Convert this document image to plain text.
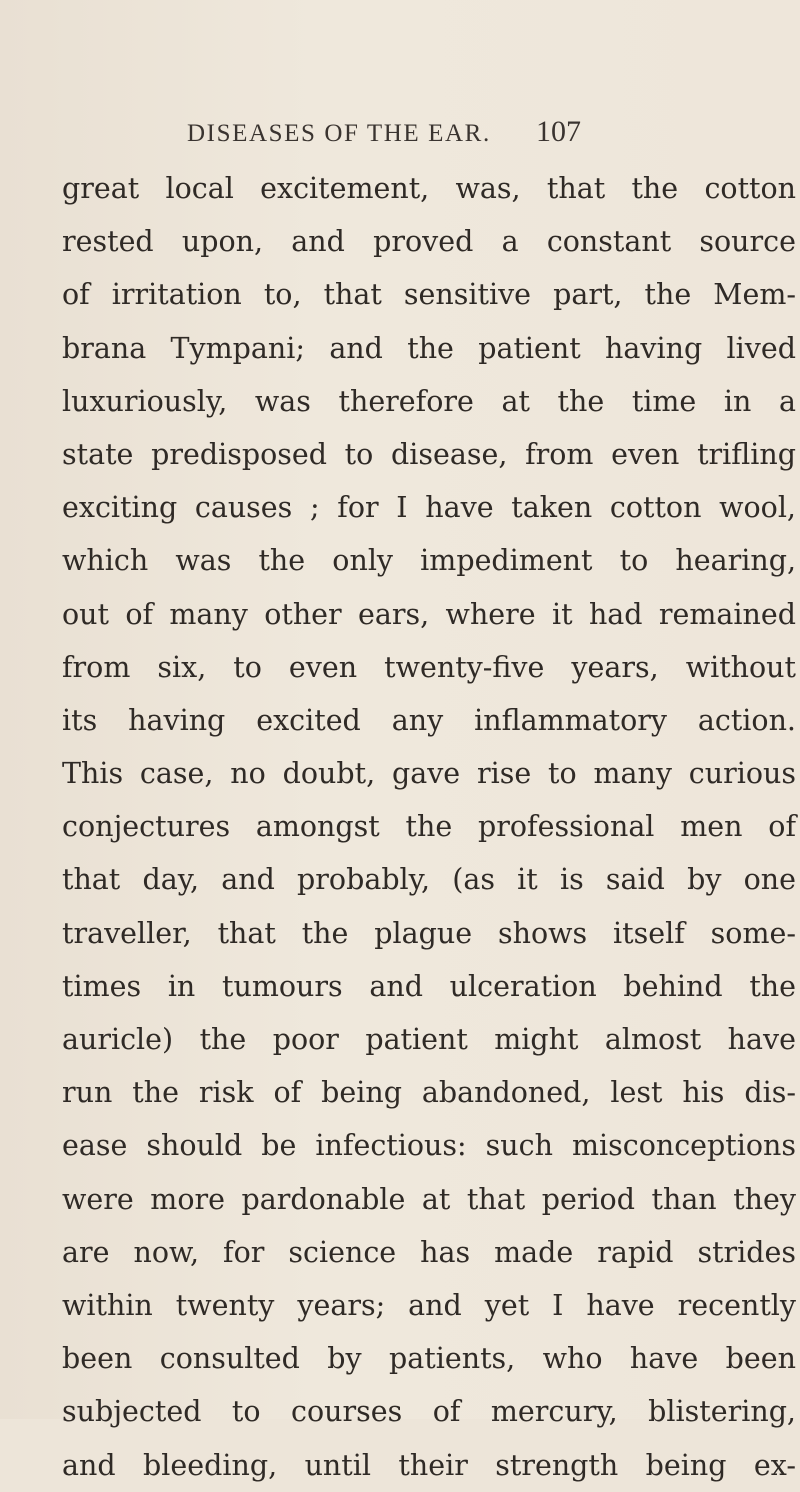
DISEASES OF THE EAR. 107
great local excitement, was, that the cotton
rested upon, and proved a constant source
of irritation to, that sensitive part, the Mem-
brana Tympani; and the patient having lived
luxuriously, was therefore at the time in a
state predisposed to disease, from even trifling
exciting causes ; for I have taken cotton wool,
which was the only impediment to hearing,
out of many other ears, where it had remained
from six, to even twenty-five years, without
its having excited any inflammatory action.
This case, no doubt, gave rise to many curious
conjectures amongst the professional men of
that day, and probably, (as it is said by one
traveller, that the plague shows itself some-
times in tumours and ulceration behind the
auricle) the poor patient might almost have
run the risk of being abandoned, lest his dis-
ease should be infectious: such misconceptions
were more pardonable at that period than they
are now, for science has made rapid strides
within twenty years; and yet I have recently
been consulted by patients, who have been
subjected to courses of mercury, blistering,
and bleeding, until their strength being ex-
